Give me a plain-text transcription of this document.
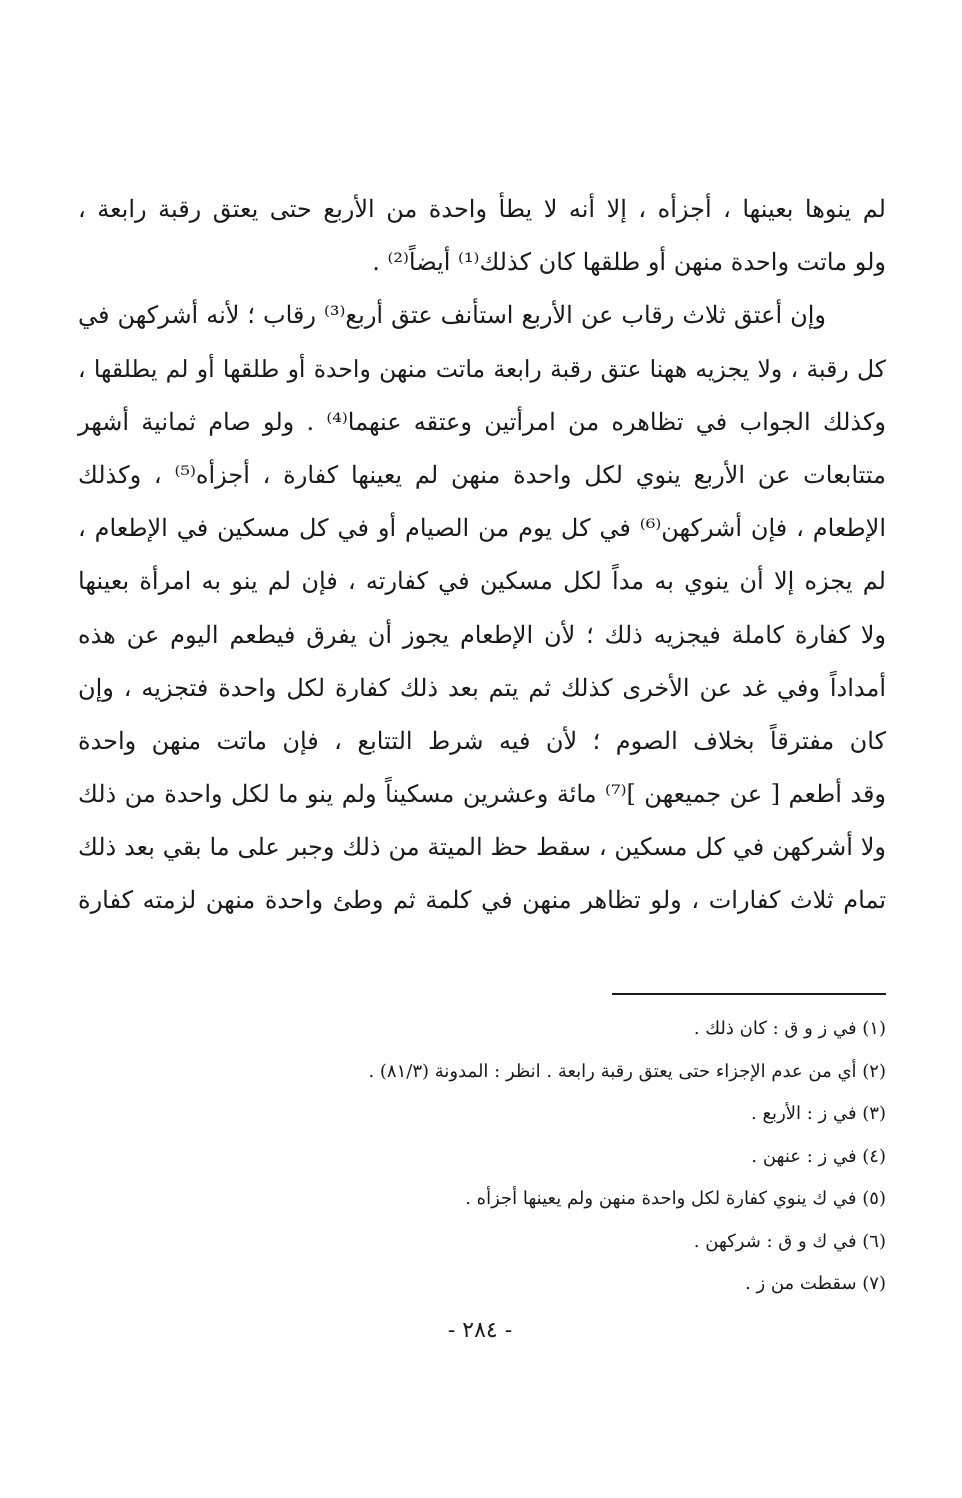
لم ينوها بعينها ، أجزأه ، إلا أنه لا يطأ واحدة من الأربع حتى يعتق رقبة رابعة ،
ولو ماتت واحدة منهن أو طلقها كان كذلك⁽¹⁾ أيضاً⁽²⁾ .
وإن أعتق ثلاث رقاب عن الأربع استأنف عتق أربع⁽³⁾ رقاب ؛ لأنه أشركهن في
كل رقبة ، ولا يجزيه ههنا عتق رقبة رابعة ماتت منهن واحدة أو طلقها أو لم يطلقها ،
وكذلك الجواب في تظاهره من امرأتين وعتقه عنهما⁽⁴⁾ . ولو صام ثمانية أشهر
متتابعات عن الأربع ينوي لكل واحدة منهن لم يعينها كفارة ، أجزأه⁽⁵⁾ ، وكذلك
الإطعام ، فإن أشركهن⁽⁶⁾ في كل يوم من الصيام أو في كل مسكين في الإطعام ،
لم يجزه إلا أن ينوي به مداً لكل مسكين في كفارته ، فإن لم ينو به امرأة بعينها
ولا كفارة كاملة فيجزيه ذلك ؛ لأن الإطعام يجوز أن يفرق فيطعم اليوم عن هذه
أمداداً وفي غد عن الأخرى كذلك ثم يتم بعد ذلك كفارة لكل واحدة فتجزيه ، وإن
كان مفترقاً بخلاف الصوم ؛ لأن فيه شرط التتابع ، فإن ماتت منهن واحدة
وقد أطعم [ عن جميعهن ]⁽⁷⁾ مائة وعشرين مسكيناً ولم ينو ما لكل واحدة من ذلك
ولا أشركهن في كل مسكين ، سقط حظ الميتة من ذلك وجبر على ما بقي بعد ذلك
تمام ثلاث كفارات ، ولو تظاهر منهن في كلمة ثم وطئ واحدة منهن لزمته كفارة
(١) في ز و ق : كان ذلك .
(٢) أي من عدم الإجزاء حتى يعتق رقبة رابعة . انظر : المدونة (٨١/٣) .
(٣) في ز : الأربع .
(٤) في ز : عنهن .
(٥) في ك ينوي كفارة لكل واحدة منهن ولم يعينها أجزأه .
(٦) في ك و ق : شركهن .
(٧) سقطت من ز .
- ٢٨٤ -
